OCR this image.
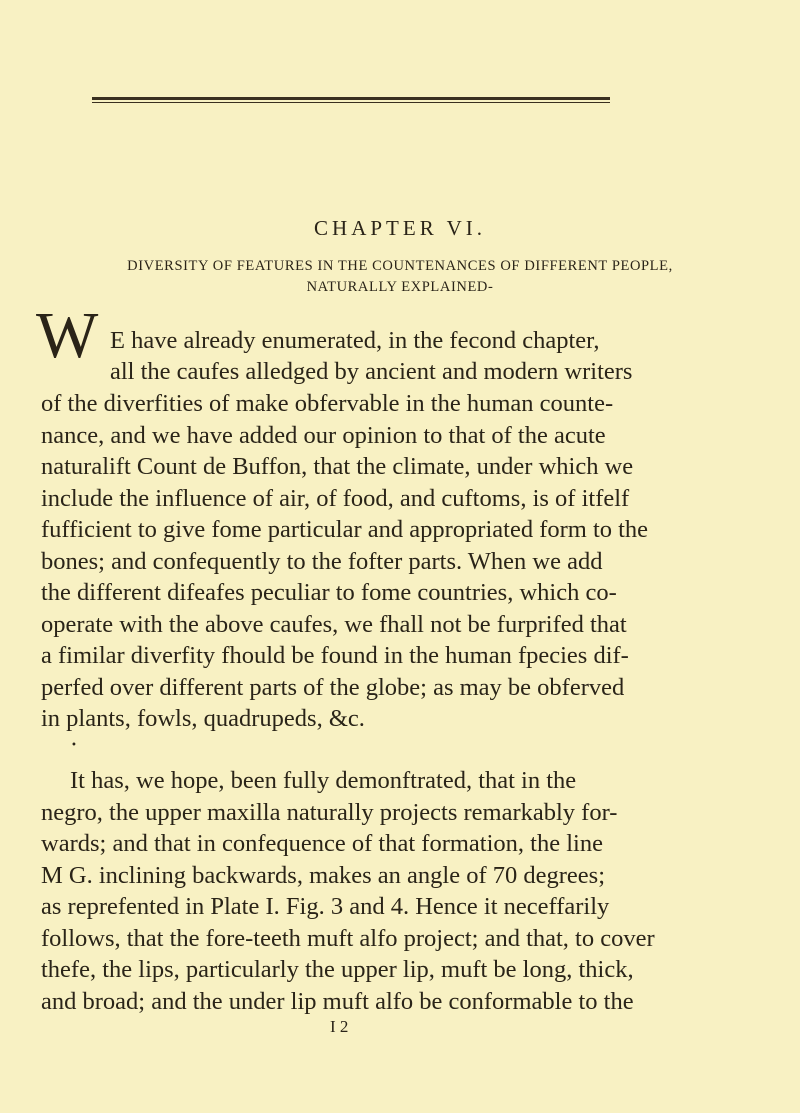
CHAPTER VI.
DIVERSITY OF FEATURES IN THE COUNTENANCES OF DIFFERENT PEOPLE,
NATURALLY EXPLAINED-
W E have already enumerated, in the fecond chapter,
all the caufes alledged by ancient and modern writers
of the diverfities of make obfervable in the human counte-
nance, and we have added our opinion to that of the acute
naturalift Count de Buffon, that the climate, under which we
include the influence of air, of food, and cuftoms, is of itfelf
fufficient to give fome particular and appropriated form to the
bones; and confequently to the fofter parts. When we add
the different difeafes peculiar to fome countries, which co-
operate with the above caufes, we fhall not be furprifed that
a fimilar diverfity fhould be found in the human fpecies dif-
perfed over different parts of the globe; as may be obferved
in plants, fowls, quadrupeds, &c.
•
It has, we hope, been fully demonftrated, that in the
negro, the upper maxilla naturally projects remarkably for-
wards; and that in confequence of that formation, the line
M G. inclining backwards, makes an angle of 70 degrees;
as reprefented in Plate I. Fig. 3 and 4. Hence it neceffarily
follows, that the fore-teeth muft alfo project; and that, to cover
thefe, the lips, particularly the upper lip, muft be long, thick,
and broad; and the under lip muft alfo be conformable to the
I 2
